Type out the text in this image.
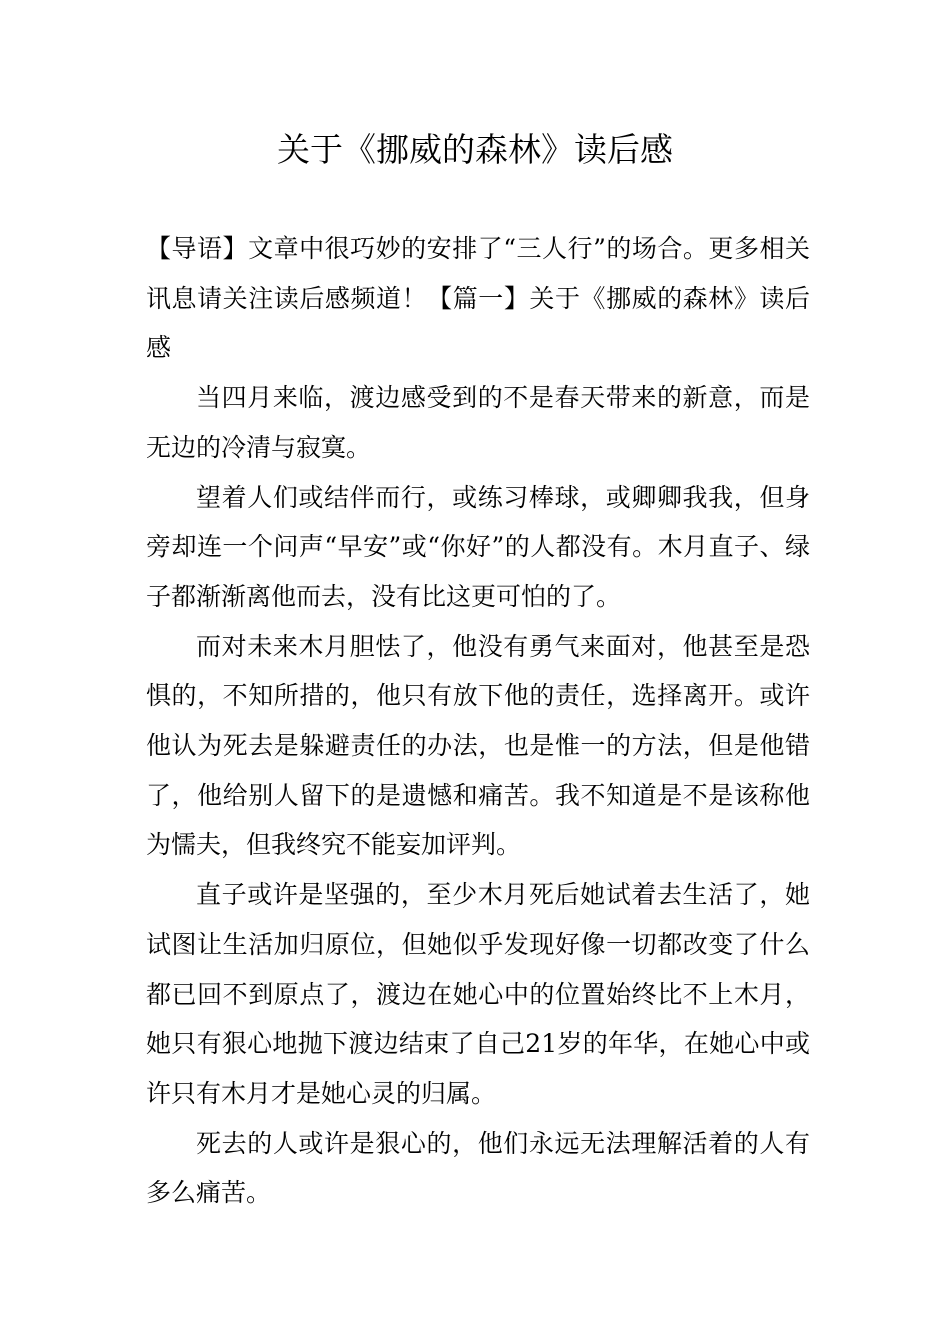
关于《挪威的森林》读后感

【导语】文章中很巧妙的安排了“三人行”的场合。更多相关讯息请关注读后感频道！【篇一】关于《挪威的森林》读后感

当四月来临，渡边感受到的不是春天带来的新意，而是无边的冷清与寂寞。

望着人们或结伴而行，或练习棒球，或卿卿我我，但身旁却连一个问声“早安”或“你好”的人都没有。木月直子、绿子都渐渐离他而去，没有比这更可怕的了。

而对未来木月胆怯了，他没有勇气来面对，他甚至是恐惧的，不知所措的，他只有放下他的责任，选择离开。或许他认为死去是躲避责任的办法，也是惟一的方法，但是他错了，他给别人留下的是遗憾和痛苦。我不知道是不是该称他为懦夫，但我终究不能妄加评判。

直子或许是坚强的，至少木月死后她试着去生活了，她试图让生活加归原位，但她似乎发现好像一切都改变了什么都已回不到原点了，渡边在她心中的位置始终比不上木月，她只有狠心地抛下渡边结束了自己21岁的年华，在她心中或许只有木月才是她心灵的归属。

死去的人或许是狠心的，他们永远无法理解活着的人有多么痛苦。
